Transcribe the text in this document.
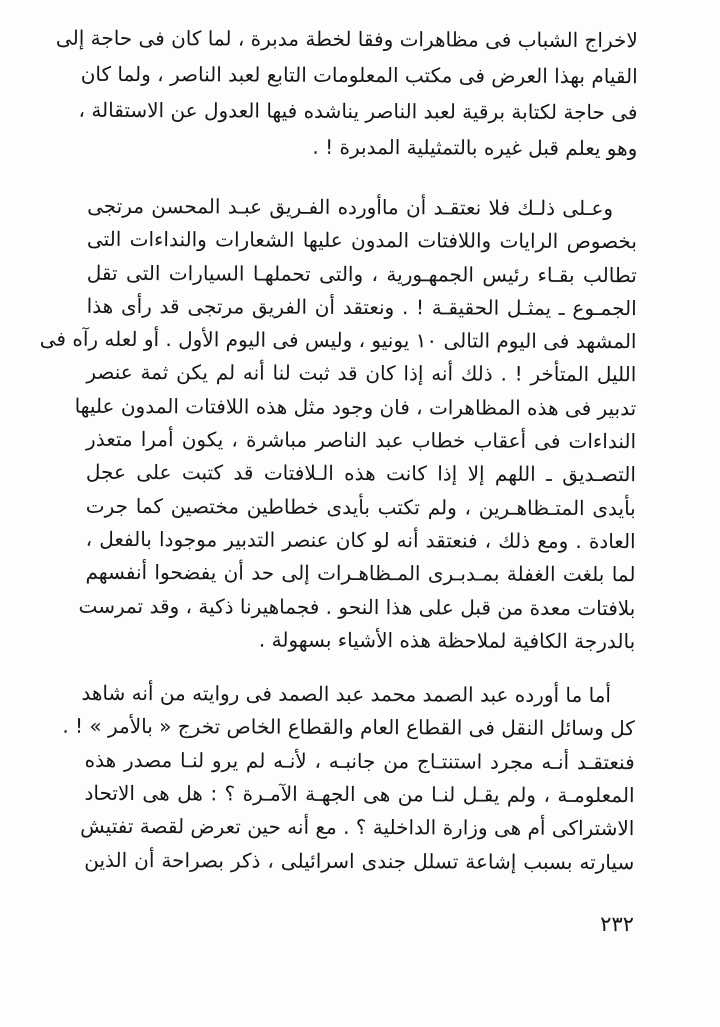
لاخراج الشباب فى مظاهرات وفقا لخطة مدبرة ، لما كان فى حاجة إلى
القيام بهذا العرض فى مكتب المعلومات التابع لعبد الناصر ، ولما كان
فى حاجة لكتابة برقية لعبد الناصر يناشده فيها العدول عن الاستقالة ،
وهو يعلم قبل غيره بالتمثيلية المدبرة ! .
وعـلى ذلـك فلا نعتقـد أن ماأورده الفـريق عبـد المحسن مرتجى
بخصوص الرايات واللافتات المدون عليها الشعارات والنداءات التى
تطالب بقـاء رئيس الجمهـورية ، والتى تحملهـا السيارات التى تقل
الجمـوع ـ يمثـل الحقيقـة ! . ونعتقد أن الفريق مرتجى قد رأى هذا
المشهد فى اليوم التالى ١٠ يونيو ، وليس فى اليوم الأول . أو لعله رآه فى
الليل المتأخر ! . ذلك أنه إذا كان قد ثبت لنا أنه لم يكن ثمة عنصر
تدبير فى هذه المظاهرات ، فان وجود مثل هذه اللافتات المدون عليها
النداءات فى أعقاب خطاب عبد الناصر مباشرة ، يكون أمرا متعذر
التصـديق ـ اللهم إلا إذا كانت هذه الـلافتات قد كتبت على عجل
بأيدى المتـظاهـرين ، ولم تكتب بأيدى خطاطين مختصين كما جرت
العادة . ومع ذلك ، فنعتقد أنه لو كان عنصر التدبير موجودا بالفعل ،
لما بلغت الغفلة بمـدبـرى المـظاهـرات إلى حد أن يفضحوا أنفسهم
بلافتات معدة من قبل على هذا النحو . فجماهيرنا ذكية ، وقد تمرست
بالدرجة الكافية لملاحظة هذه الأشياء بسهولة .
أما ما أورده عبد الصمد محمد عبد الصمد فى روايته من أنه شاهد
كل وسائل النقل فى القطاع العام والقطاع الخاص تخرج « بالأمر » ! .
فنعتقـد أنـه مجرد استنتـاج من جانبـه ، لأنـه لم يرو لنـا مصدر هذه
المعلومـة ، ولم يقـل لنـا من هى الجهـة الآمـرة ؟ : هل هى الاتحاد
الاشتراكى أم هى وزارة الداخلية ؟ . مع أنه حين تعرض لقصة تفتيش
سيارته بسبب إشاعة تسلل جندى اسرائيلى ، ذكر بصراحة أن الذين
٢٣٢
